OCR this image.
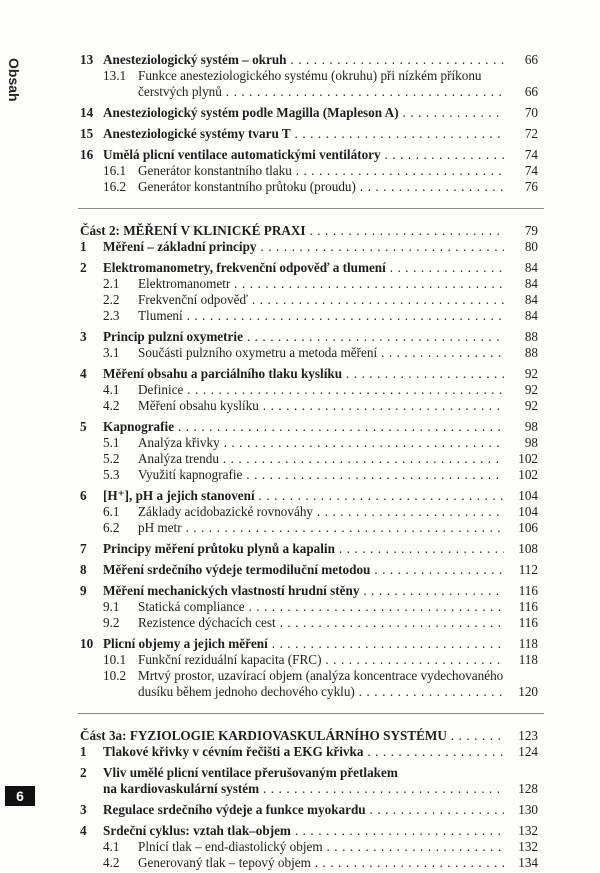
Obsah
6
13 Anesteziologický systém – okruh . . .	66
13.1 Funkce anesteziologického systému (okruhu) při nízkém příkonu
čerstvých plynů . . .	66
14 Anesteziologický systém podle Magilla (Mapleson A) . . .	70
15 Anesteziologické systémy tvaru T . . .	72
16 Umělá plicní ventilace automatickými ventilátory . . .	74
16.1 Generátor konstantního tlaku . . .	74
16.2 Generátor konstantního průtoku (proudu) . . .	76
Část 2: MĚŘENÍ V KLINICKÉ PRAXI . . .	79
1 Měření – základní principy . . .	80
2 Elektromanometry, frekvenční odpověď a tlumení . . .	84
2.1 Elektromanometr . . .	84
2.2 Frekvenční odpověď . . .	84
2.3 Tlumení . . .	84
3 Princip pulzní oxymetrie . . .	88
3.1 Součásti pulzního oxymetru a metoda měření . . .	88
4 Měření obsahu a parciálního tlaku kyslíku . . .	92
4.1 Definice . . .	92
4.2 Měření obsahu kyslíku . . .	92
5 Kapnografie . . .	98
5.1 Analýza křivky . . .	98
5.2 Analýza trendu . . .	102
5.3 Využití kapnografie . . .	102
6 [H⁺], pH a jejich stanovení . . .	104
6.1 Základy acidobazické rovnováhy . . .	104
6.2 pH metr . . .	106
7 Principy měření průtoku plynů a kapalin . . .	108
8 Měření srdečního výdeje termodiluční metodou . . .	112
9 Měření mechanických vlastností hrudní stěny . . .	116
9.1 Statická compliance . . .	116
9.2 Rezistence dýchacích cest . . .	116
10 Plicní objemy a jejich měření . . .	118
10.1 Funkční reziduální kapacita (FRC) . . .	118
10.2 Mrtvý prostor, uzavírací objem (analýza koncentrace vydechovaného
dusíku během jednoho dechového cyklu) . . .	120
Část 3a: FYZIOLOGIE KARDIOVASKULÁRNÍHO SYSTÉMU . . .	123
1 Tlakové křivky v cévním řečišti a EKG křivka . . .	124
2 Vliv umělé plicní ventilace přerušovaným přetlakem
na kardiovaskulární systém . . .	128
3 Regulace srdečního výdeje a funkce myokardu . . .	130
4 Srdeční cyklus: vztah tlak–objem . . .	132
4.1 Plnicí tlak – end-diastolický objem . . .	132
4.2 Generovaný tlak – tepový objem . . .	134
